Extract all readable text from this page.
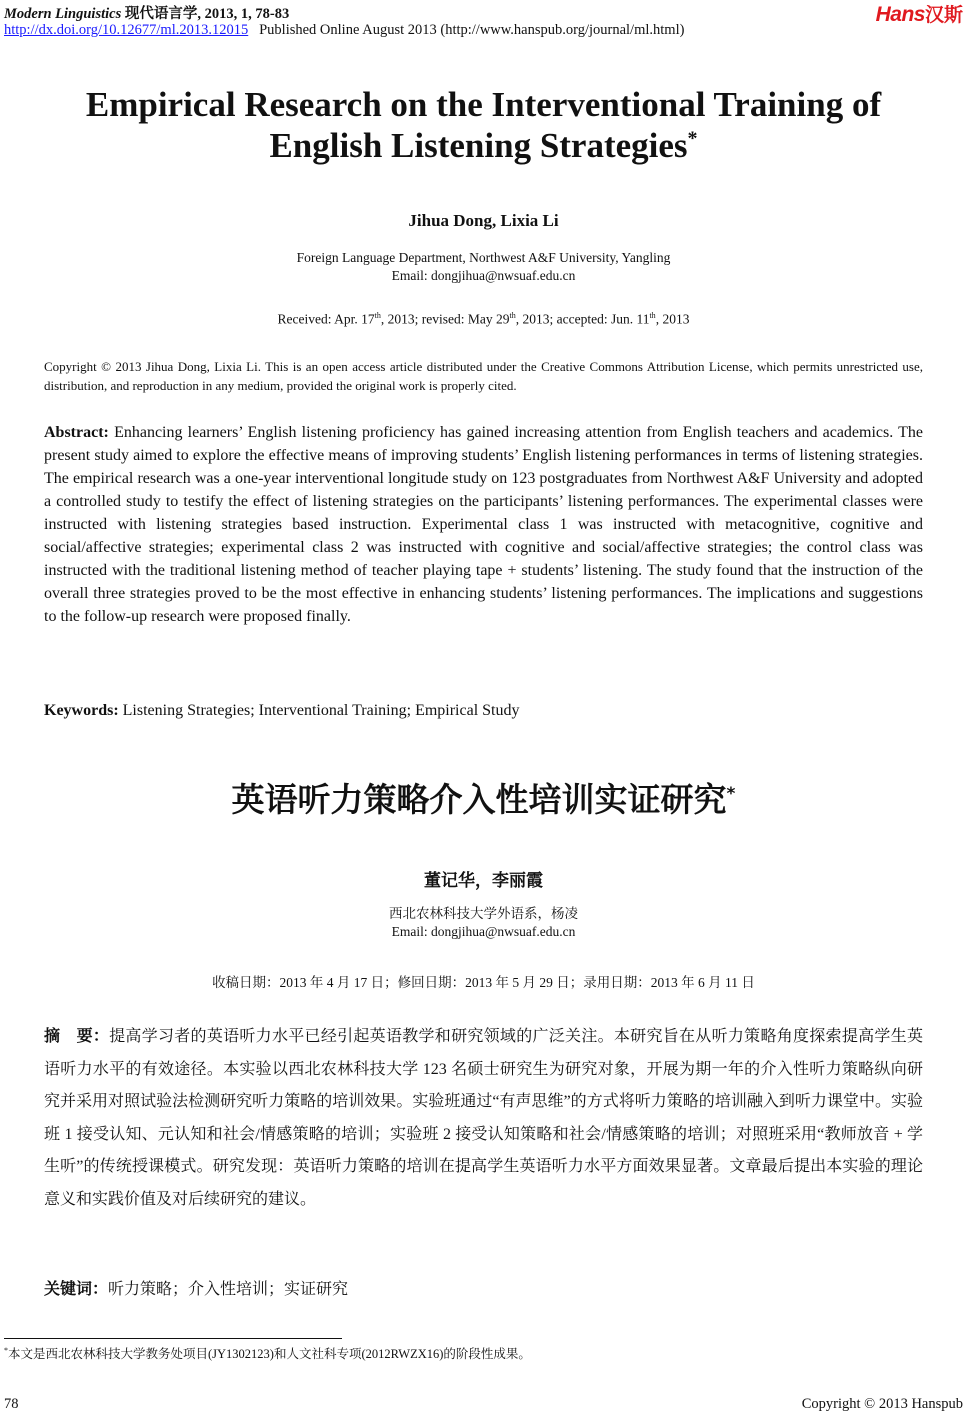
Modern Linguistics 现代语言学, 2013, 1, 78-83
http://dx.doi.org/10.12677/ml.2013.12015 Published Online August 2013 (http://www.hanspub.org/journal/ml.html)
Hans汉斯
Empirical Research on the Interventional Training of
English Listening Strategies*
Jihua Dong, Lixia Li
Foreign Language Department, Northwest A&F University, Yangling
Email: dongjihua@nwsuaf.edu.cn
Received: Apr. 17th, 2013; revised: May 29th, 2013; accepted: Jun. 11th, 2013
Copyright © 2013 Jihua Dong, Lixia Li. This is an open access article distributed under the Creative Commons Attribution License, which permits unrestricted use, distribution, and reproduction in any medium, provided the original work is properly cited.
Abstract: Enhancing learners’ English listening proficiency has gained increasing attention from English teachers and academics. The present study aimed to explore the effective means of improving students’ English listening performances in terms of listening strategies. The empirical research was a one-year interventional longitude study on 123 postgraduates from Northwest A&F University and adopted a controlled study to testify the effect of listening strategies on the participants’ listening performances. The experimental classes were instructed with listening strategies based instruction. Experimental class 1 was instructed with metacognitive, cognitive and social/affective strategies; experimental class 2 was instructed with cognitive and social/affective strategies; the control class was instructed with the traditional listening method of teacher playing tape + students’ listening. The study found that the instruction of the overall three strategies proved to be the most effective in enhancing students’ listening performances. The implications and suggestions to the follow-up research were proposed finally.
Keywords: Listening Strategies; Interventional Training; Empirical Study
英语听力策略介入性培训实证研究*
董记华，李丽霞
西北农林科技大学外语系，杨凌
Email: dongjihua@nwsuaf.edu.cn
收稿日期：2013 年 4 月 17 日；修回日期：2013 年 5 月 29 日；录用日期：2013 年 6 月 11 日
摘　要：提高学习者的英语听力水平已经引起英语教学和研究领域的广泛关注。本研究旨在从听力策略角度探索提高学生英语听力水平的有效途径。本实验以西北农林科技大学 123 名硕士研究生为研究对象，开展为期一年的介入性听力策略纵向研究并采用对照试验法检测研究听力策略的培训效果。实验班通过“有声思维”的方式将听力策略的培训融入到听力课堂中。实验班 1 接受认知、元认知和社会/情感策略的培训；实验班 2 接受认知策略和社会/情感策略的培训；对照班采用“教师放音 + 学生听”的传统授课模式。研究发现：英语听力策略的培训在提高学生英语听力水平方面效果显著。文章最后提出本实验的理论意义和实践价值及对后续研究的建议。
关键词：听力策略；介入性培训；实证研究
*本文是西北农林科技大学教务处项目(JY1302123)和人文社科专项(2012RWZX16)的阶段性成果。
78	Copyright © 2013 Hanspub
